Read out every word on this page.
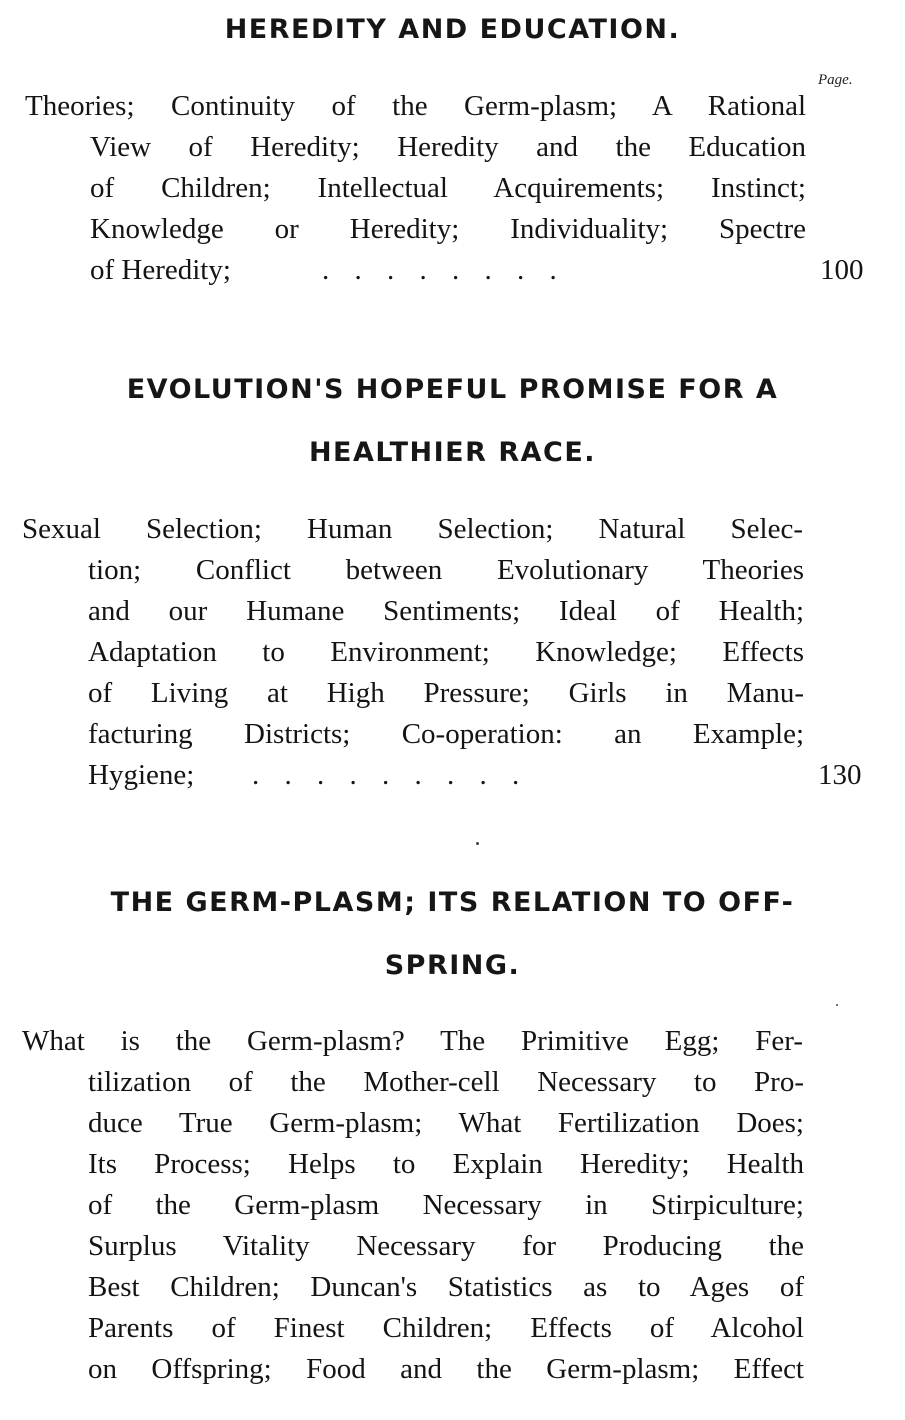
HEREDITY AND EDUCATION.
Page.
Theories; Continuity of the Germ-plasm; A Rational
View of Heredity; Heredity and the Education
of Children; Intellectual Acquirements; Instinct;
Knowledge or Heredity; Individuality; Spectre
of Heredity;	. . . . . . . .	100
EVOLUTION'S HOPEFUL PROMISE FOR A
HEALTHIER RACE.
Sexual Selection; Human Selection; Natural Selec-
tion; Conflict between Evolutionary Theories
and our Humane Sentiments; Ideal of Health;
Adaptation to Environment; Knowledge; Effects
of Living at High Pressure; Girls in Manu-
facturing Districts; Co-operation: an Example;
Hygiene; . . . . . . . . .	130
THE GERM-PLASM; ITS RELATION TO OFF-
SPRING.
What is the Germ-plasm? The Primitive Egg; Fer-
tilization of the Mother-cell Necessary to Pro-
duce True Germ-plasm; What Fertilization Does;
Its Process; Helps to Explain Heredity; Health
of the Germ-plasm Necessary in Stirpiculture;
Surplus Vitality Necessary for Producing the
Best Children; Duncan's Statistics as to Ages of
Parents of Finest Children; Effects of Alcohol
on Offspring; Food and the Germ-plasm; Effect
